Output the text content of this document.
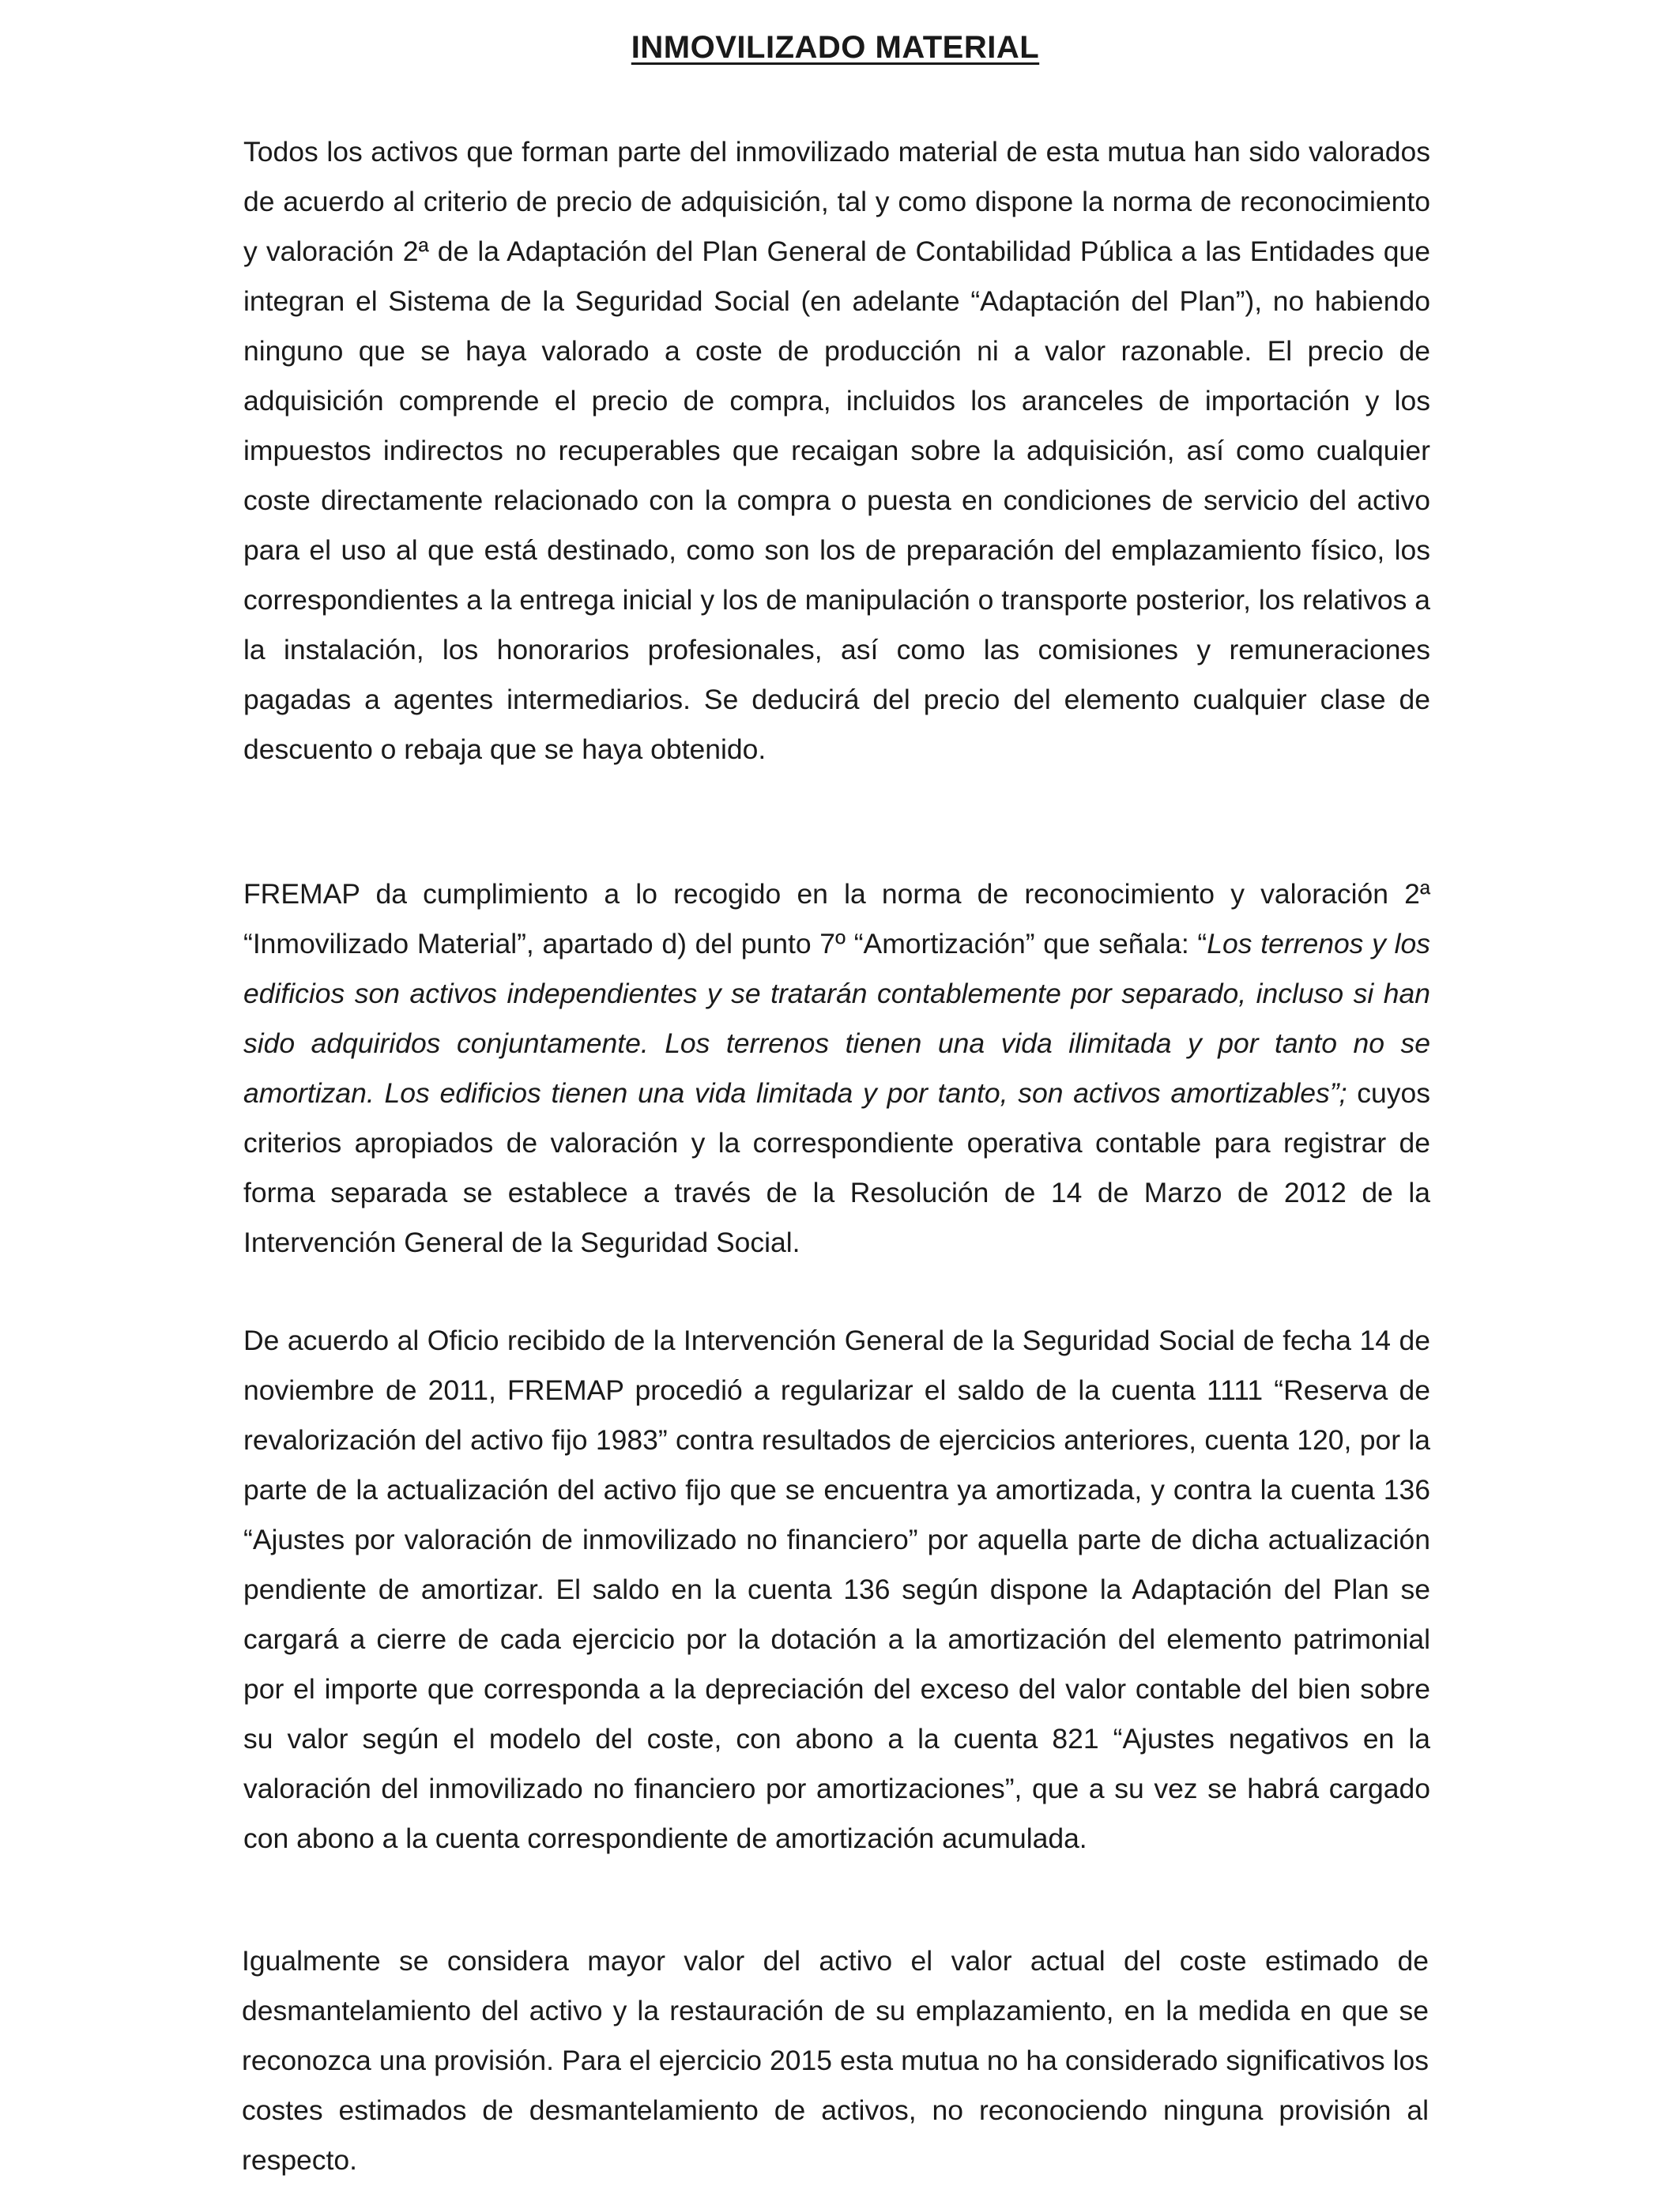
INMOVILIZADO MATERIAL

Todos los activos que forman parte del inmovilizado material de esta mutua han sido valorados de acuerdo al criterio de precio de adquisición, tal y como dispone la norma de reconocimiento y valoración 2ª de la Adaptación del Plan General de Contabilidad Pública a las Entidades que integran el Sistema de la Seguridad Social (en adelante “Adaptación del Plan”), no habiendo ninguno que se haya valorado a coste de producción ni a valor razonable. El precio de adquisición comprende el precio de compra, incluidos los aranceles de importación y los impuestos indirectos no recuperables que recaigan sobre la adquisición, así como cualquier coste directamente relacionado con la compra o puesta en condiciones de servicio del activo para el uso al que está destinado, como son los de preparación del emplazamiento físico, los correspondientes a la entrega inicial y los de manipulación o transporte posterior, los relativos a la instalación, los honorarios profesionales, así como las comisiones y remuneraciones pagadas a agentes intermediarios. Se deducirá del precio del elemento cualquier clase de descuento o rebaja que se haya obtenido.

FREMAP da cumplimiento a lo recogido en la norma de reconocimiento y valoración 2ª “Inmovilizado Material”, apartado d) del punto 7º “Amortización” que señala: “Los terrenos y los edificios son activos independientes y se tratarán contablemente por separado, incluso si han sido adquiridos conjuntamente. Los terrenos tienen una vida ilimitada y por tanto no se amortizan. Los edificios tienen una vida limitada y por tanto, son activos amortizables”; cuyos criterios apropiados de valoración y la correspondiente operativa contable para registrar de forma separada se establece a través de la Resolución de 14 de Marzo de 2012 de la Intervención General de la Seguridad Social.

De acuerdo al Oficio recibido de la Intervención General de la Seguridad Social de fecha 14 de noviembre de 2011, FREMAP procedió a regularizar el saldo de la cuenta 1111 “Reserva de revalorización del activo fijo 1983” contra resultados de ejercicios anteriores, cuenta 120, por la parte de la actualización del activo fijo que se encuentra ya amortizada, y contra la cuenta 136 “Ajustes por valoración de inmovilizado no financiero” por aquella parte de dicha actualización pendiente de amortizar. El saldo en la cuenta 136 según dispone la Adaptación del Plan se cargará a cierre de cada ejercicio por la dotación a la amortización del elemento patrimonial por el importe que corresponda a la depreciación del exceso del valor contable del bien sobre su valor según el modelo del coste, con abono a la cuenta 821 “Ajustes negativos en la valoración del inmovilizado no financiero por amortizaciones”, que a su vez se habrá cargado con abono a la cuenta correspondiente de amortización acumulada.

Igualmente se considera mayor valor del activo el valor actual del coste estimado de desmantelamiento del activo y la restauración de su emplazamiento, en la medida en que se reconozca una provisión. Para el ejercicio 2015 esta mutua no ha considerado significativos los costes estimados de desmantelamiento de activos, no reconociendo ninguna provisión al respecto.
